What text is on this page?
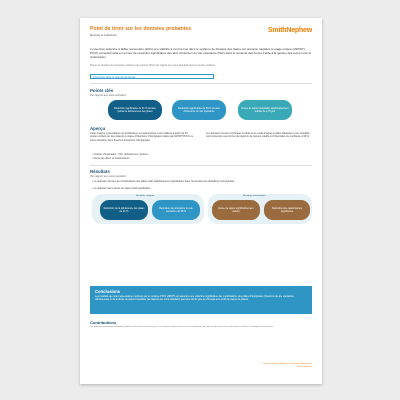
Point de tiroir sur les données probantes
Recueil et bulletinier
SmithNephew
L'ouverture sélective à faible manomètre définit une stabilité à court terme dans le système de thérapie des plaies par pression négative à usage unique (sNPWT), PICO) exceptionnelle en termes de réduction significative des taux d'infection du site opératoire (ISO) dans le contexte des zones d'aide à la gestion des soins et de la cicatrisation
Revue de l'analyse des bénéfices cliniques du système PICO par rapport aux soins standard dans les études publiées
Disponible dans le résumé de l'étude
Points clés
Par rapport aux soins standard :
Réduction significative de 31 % du taux global de déhiscences des plaies
Réduction significative de 58 % du taux d'infections du site opératoire
Durée de séjour hospitalier significativement réduite de 1,75 jour
Aperçu
Cette analyse systématique de la littérature et méta-analyse a été réalisée à partir de 29 études portant sur des patients à risque d'infections chirurgicales traités par sNPWT PICO ou soins standard, dans diverses disciplines chirurgicales.
• Critères d'évaluation : ISO, déhiscences, séroma
• Durée de séjour et réadmissions
Les données ont été combinées à l'aide d'une méta-analyse à effets aléatoires et les résultats sont présentés sous forme de rapports de risques relatifs et d'intervalles de confiance à 95 %.
Résultats
Par rapport aux soins standard :
• La réduction du taux de complications des plaies était statistiquement significative dans l'ensemble des disciplines chirurgicales
• La réduction de la durée de séjour était significative
Résultats cliniques	Résultats économiques
Réduction de la déhiscence des plaies de 31 %
Réduction des infections du site opératoire de 58 %
Durée de séjour significativement réduite
Réduction des réadmissions significative
Conclusions
Les résultats de cette méta-analyse montrent que le système PICO sNPWT est associé à une réduction significative des complications des plaies chirurgicales (infections du site opératoire, déhiscences) et de la durée de séjour hospitalier par rapport aux soins standard, quel que soit le type de chirurgie et le profil de risque du patient.
Contributions
Les données proviennent d'études publiées et évaluées par des pairs. Les auteurs remercient tous les contributeurs de cette analyse pour leur aide dans la collecte et l'analyse des données.
Smith & Nephew Médical Ltd. Marque déposée de Smith+Nephew
